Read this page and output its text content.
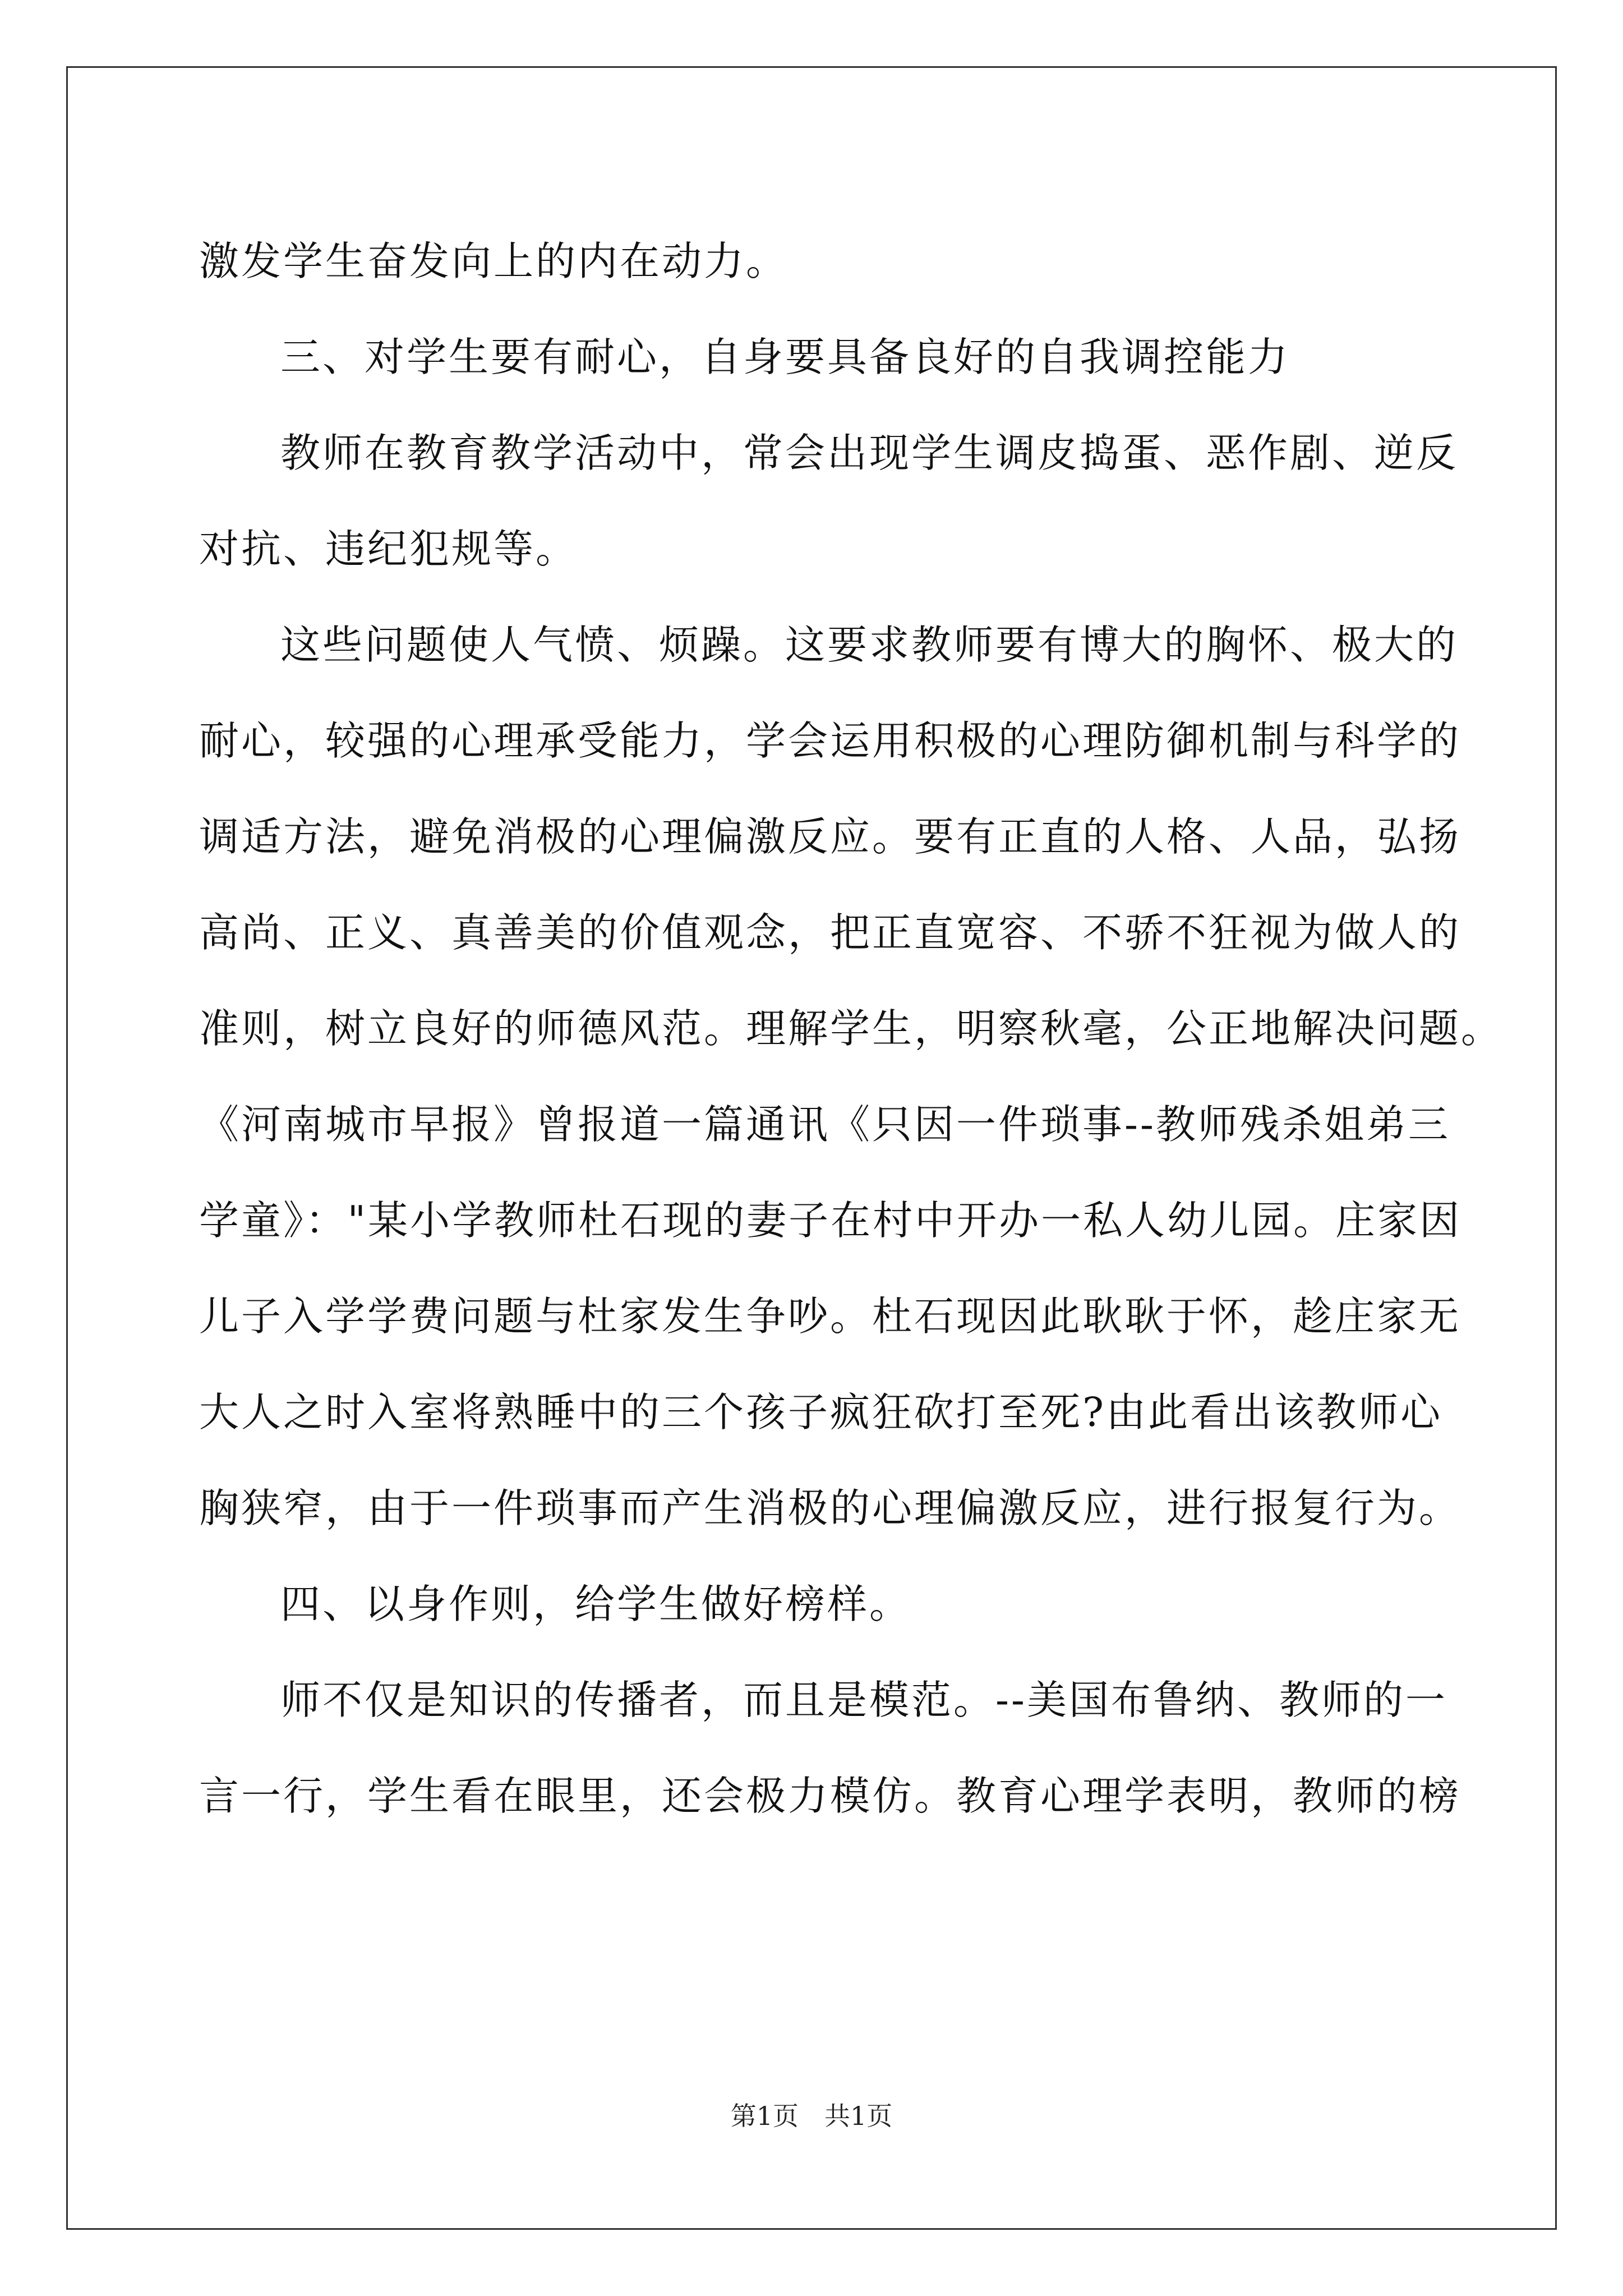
激发学生奋发向上的内在动力。
三、对学生要有耐心，自身要具备良好的自我调控能力
教师在教育教学活动中，常会出现学生调皮捣蛋、恶作剧、逆反
对抗、违纪犯规等。
这些问题使人气愤、烦躁。这要求教师要有博大的胸怀、极大的
耐心，较强的心理承受能力，学会运用积极的心理防御机制与科学的
调适方法，避免消极的心理偏激反应。要有正直的人格、人品，弘扬
高尚、正义、真善美的价值观念，把正直宽容、不骄不狂视为做人的
准则，树立良好的师德风范。理解学生，明察秋毫，公正地解决问题。
《河南城市早报》曾报道一篇通讯《只因一件琐事--教师残杀姐弟三
学童》："某小学教师杜石现的妻子在村中开办一私人幼儿园。庄家因
儿子入学学费问题与杜家发生争吵。杜石现因此耿耿于怀，趁庄家无
大人之时入室将熟睡中的三个孩子疯狂砍打至死?由此看出该教师心
胸狭窄，由于一件琐事而产生消极的心理偏激反应，进行报复行为。
四、以身作则，给学生做好榜样。
师不仅是知识的传播者，而且是模范。--美国布鲁纳、教师的一
言一行，学生看在眼里，还会极力模仿。教育心理学表明，教师的榜
第1页　共1页
